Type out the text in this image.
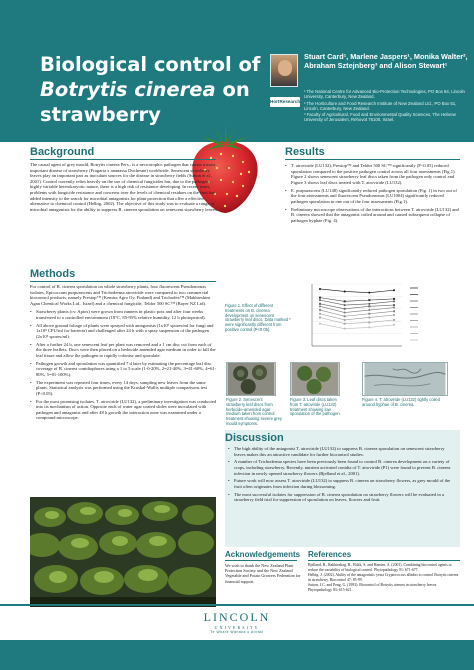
Biological control of
Botrytis cinerea on
strawberry
Stuart Card¹, Marlene Jaspers¹, Monika Walter², Abraham Sztejnberg³ and Alison Stewart¹
HortResearch

¹ The National Centre for Advanced Bio-Protection Technologies, PO Box 84, Lincoln University, Canterbury, New Zealand.

² The Horticulture and Food Research Institute of New Zealand Ltd., PO Box 51, Lincoln, Canterbury, New Zealand.

³ Faculty of Agricultural, Food and Environmental Quality Sciences, The Hebrew University of Jerusalem, Rehovot 76100, Israel.

Background
The causal agent of grey mould, Botrytis cinerea Pers., is a necrotrophic pathogen that causes a most important disease of strawberry (Fragaria x ananassa Duchesne) worldwide. Senescent strawberry leaves play an important part as inoculum sources for the disease in strawberry fields (Sutton et al., 2001). Control currently relies heavily on the use of chemical fungicides but, due to the pathogens highly variable heterokaryotic nature, there is a high risk of resistance developing. In recent years, problems with fungicide resistance and concerns over the levels of chemical residues on the fruit has added intensity to the search for microbial antagonists for plant protection that offer a effective alternative to chemical control (Helbig, 2002). The objective of this study was to evaluate a range of microbial antagonists for the ability to suppress B. cinerea sporulation on senescent strawberry leaves.
Methods

For control of B. cinerea sporulation on whole strawberry plants, four fluorescent Pseudomonas isolates, Epicoccum purpurascens and Trichoderma atroviride were compared to two commercial biocontrol products, namely Prestop™ (Kemira Agro Oy, Finland) and Trichodex™ (Makhteshim Agan Chemical Works Ltd., Israel) and a chemical fungicide, Teldor 500 SC™ (Bayer NZ Ltd).

• Strawberry plants (cv. Aptos) were grown from runners in plastic pots and after four weeks transferred to a controlled environment (18°C, 85-95% relative humidity, 12 h photoperiod).
• All above ground foliage of plants were sprayed with antagonists (1x10⁷ spores/ml for fungi and 1x10⁸ CFU/ml for bacteria) and challenged after 24 h with a spray suspension of the pathogen (2x10⁵ spores/ml).
• After a further 24 h, one senescent leaf per plant was removed and a 1 cm disc cut from each of the three leaflets. Discs were then placed on a herbicide amended agar medium in order to kill the leaf tissue and allow the pathogen to rapidly colonise and sporulate.
• Pathogen growth and sporulation was quantified 7 d later by estimating the percentage leaf disc coverage of B. cinerea conidiophores using a 1 to 5 scale (1-0-20%, 2=21-40%, 3=41-60%, 4=61-80%, 5=81-100%).
• The experiment was repeated four times, every 14 days, sampling new leaves from the same plants. Statistical analysis was performed using the Kruskal-Wallis multiple comparisons test (P<0.05).
• For the most promising isolates, T. atroviride (LU132), a preliminary investigation was conducted into its mechanism of action. Opposite ends of water agar coated slides were inoculated with pathogen and antagonist and after 48 h growth the interaction zone was examined under a compound microscope.
Results
• T. atroviride (LU132), Prestop™ and Teldor 500 SC™ significantly (P<0.05) reduced sporulation compared to the positive pathogen control across all four assessments (Fig.1). Figure 2 shows senescent strawberry leaf discs taken from the pathogen only control and Figure 3 shows leaf discs treated with T. atroviride (LU132).
• E. purpurascens (LU148) significantly reduced pathogen sporulation (Fig. 1) in two out of the four assessments and fluorescent Pseudomonas (LU1004) significantly reduced pathogen sporulation in one out of the four assessments (Fig.1).
• Preliminary microscope observations of the interactions between T. atroviride (LU132) and B. cinerea showed that the antagonist coiled around and caused subsequent collapse of pathogen hyphae (Fig. 4).
Figure 1. Effect of different treatments on B. cinerea development on senescent strawberry leaf discs. Data marked * were significantly different from positive control (P<0.05).
Figure 2. Senescent strawberry leaf discs from herbicide-amended agar medium taken from control treatment showing severe grey mould symptoms.
Figure 3. Leaf discs taken from T. atroviride (LU132) treatment showing low sporulation of the pathogen.
Figure 4. T. atroviride (LU132) tightly coiled around hyphae of B. cinerea.
Discussion
• The high ability of the antagonist T. atroviride (LU132) to suppress B. cinerea sporulation on senescent strawberry leaves makes this an attractive candidate for further biocontrol studies.
• A number of Trichoderma species have been previously been found to control B. cinerea development on a variety of crops, including strawberry. Recently, nutrient activated conidia of T. atroviride (P1) were found to prevent B. cinerea infection in newly opened strawberry flowers (Bjelland et al., 2001).
• Future work will now assess T. atroviride (LU132) to suppress B. cinerea on strawberry flowers, as grey mould of the fruit often originates from infection during blossoming.
• The most successful isolates for suppression of B. cinerea sporulation on strawberry flowers will be evaluated in a strawberry field trial for suppression of sporulation on leaves, flowers and fruit.
Acknowledgements
We wish to thank the New Zealand Plant Protection Society and the New Zealand Vegetable and Potato Growers Federation for financial support.
References

Bjelland, R., Rakhtesbag, B., Ehlik, S. and Hansen, A. (2001). Combining biocontrol agents to reduce the variability of biological control. Phytopathology 91: 671-677.

Helbig, J. (2002). Ability of the antagonistic yeast Cryptococcus albidus to control Botrytis cinerea in strawberry. Biocontrol 47: 85-99.

Sutton, J.C. and Peng, G. (1993). Biocontrol of Botrytis cinerea in strawberry leaves. Phytopathology 83: 615-621.

LINCOLN
UNIVERSITY
Te Whare Wānaka o Aoraki
